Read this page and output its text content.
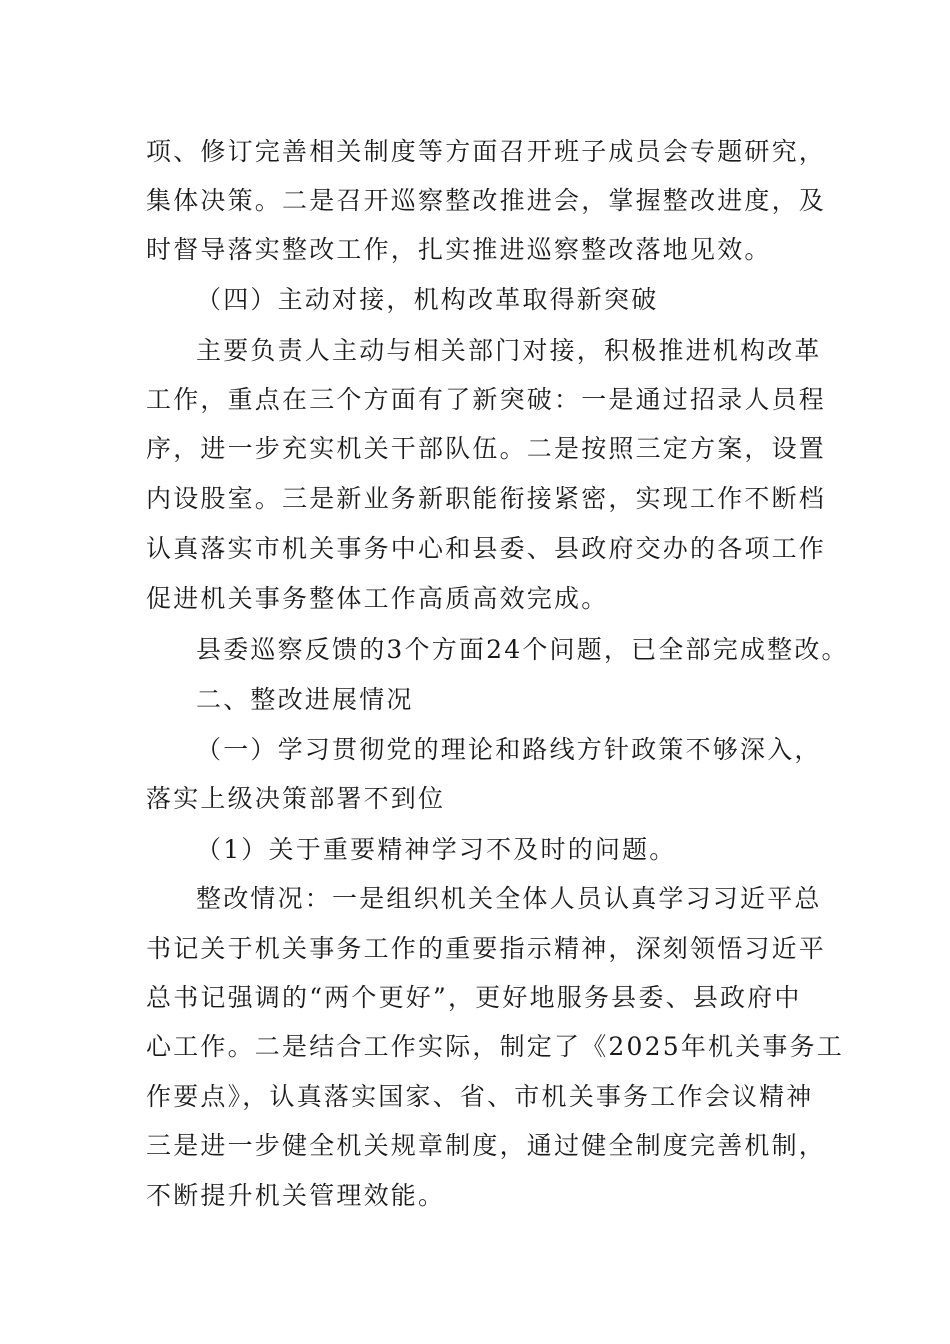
项、修订完善相关制度等方面召开班子成员会专题研究，
集体决策。二是召开巡察整改推进会，掌握整改进度，及
时督导落实整改工作，扎实推进巡察整改落地见效。
（四）主动对接，机构改革取得新突破
主要负责人主动与相关部门对接，积极推进机构改革
工作，重点在三个方面有了新突破：一是通过招录人员程
序，进一步充实机关干部队伍。二是按照三定方案，设置
内设股室。三是新业务新职能衔接紧密，实现工作不断档
认真落实市机关事务中心和县委、县政府交办的各项工作
促进机关事务整体工作高质高效完成。
县委巡察反馈的3个方面24个问题，已全部完成整改。
二、整改进展情况
（一）学习贯彻党的理论和路线方针政策不够深入，
落实上级决策部署不到位
（1）关于重要精神学习不及时的问题。
整改情况：一是组织机关全体人员认真学习习近平总
书记关于机关事务工作的重要指示精神，深刻领悟习近平
总书记强调的“两个更好”，更好地服务县委、县政府中
心工作。二是结合工作实际，制定了《2025年机关事务工
作要点》，认真落实国家、省、市机关事务工作会议精神
三是进一步健全机关规章制度，通过健全制度完善机制，
不断提升机关管理效能。
